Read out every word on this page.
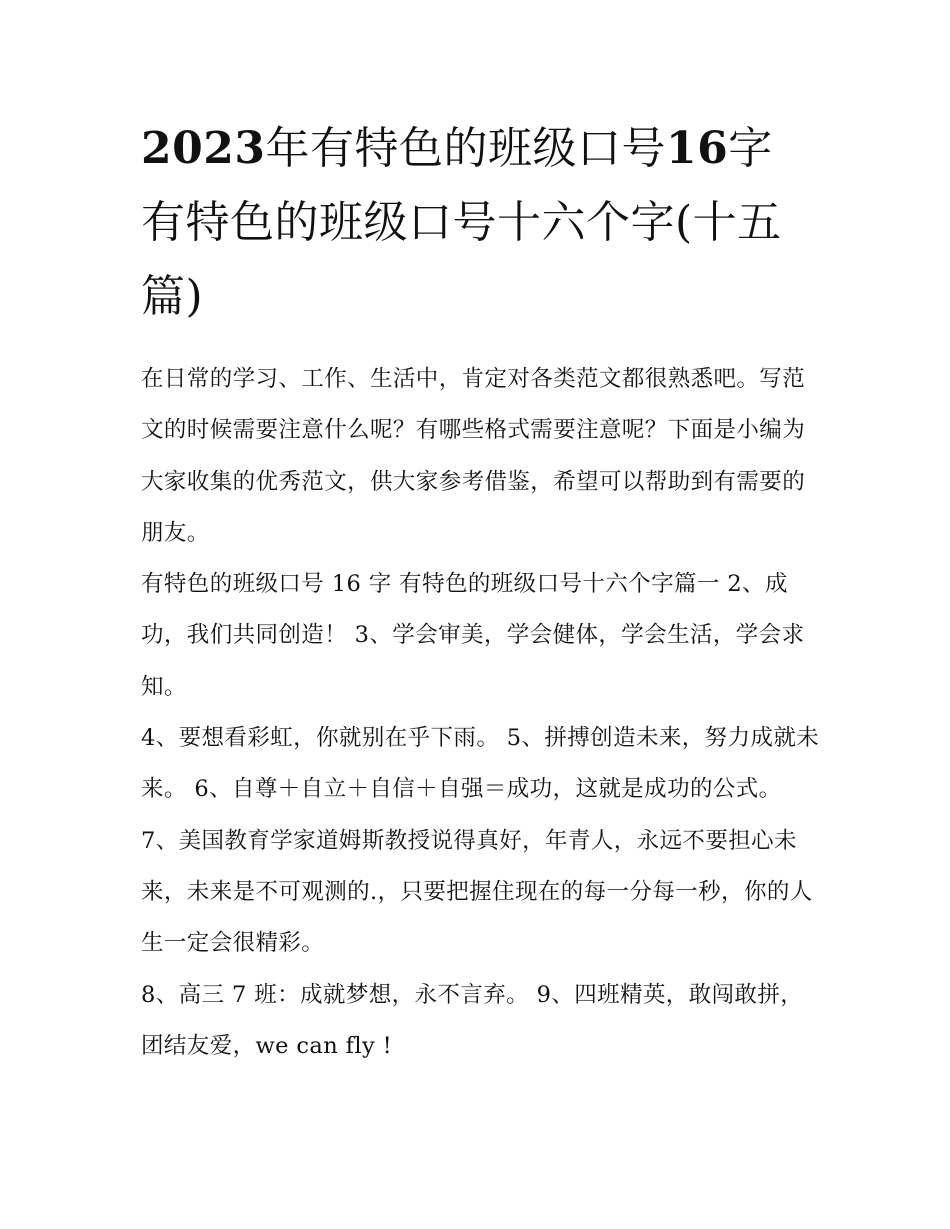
2023年有特色的班级口号16字 有特色的班级口号十六个字(十五篇)

在日常的学习、工作、生活中，肯定对各类范文都很熟悉吧。写范文的时候需要注意什么呢？有哪些格式需要注意呢？下面是小编为大家收集的优秀范文，供大家参考借鉴，希望可以帮助到有需要的朋友。

有特色的班级口号 16 字 有特色的班级口号十六个字篇一 2、成功，我们共同创造！ 3、学会审美，学会健体，学会生活，学会求知。

4、要想看彩虹，你就别在乎下雨。 5、拼搏创造未来，努力成就未来。 6、自尊＋自立＋自信＋自强＝成功，这就是成功的公式。

7、美国教育学家道姆斯教授说得真好，年青人，永远不要担心未来，未来是不可观测的.，只要把握住现在的每一分每一秒，你的人生一定会很精彩。

8、高三 7 班：成就梦想，永不言弃。 9、四班精英，敢闯敢拼，团结友爱，we can fly !
